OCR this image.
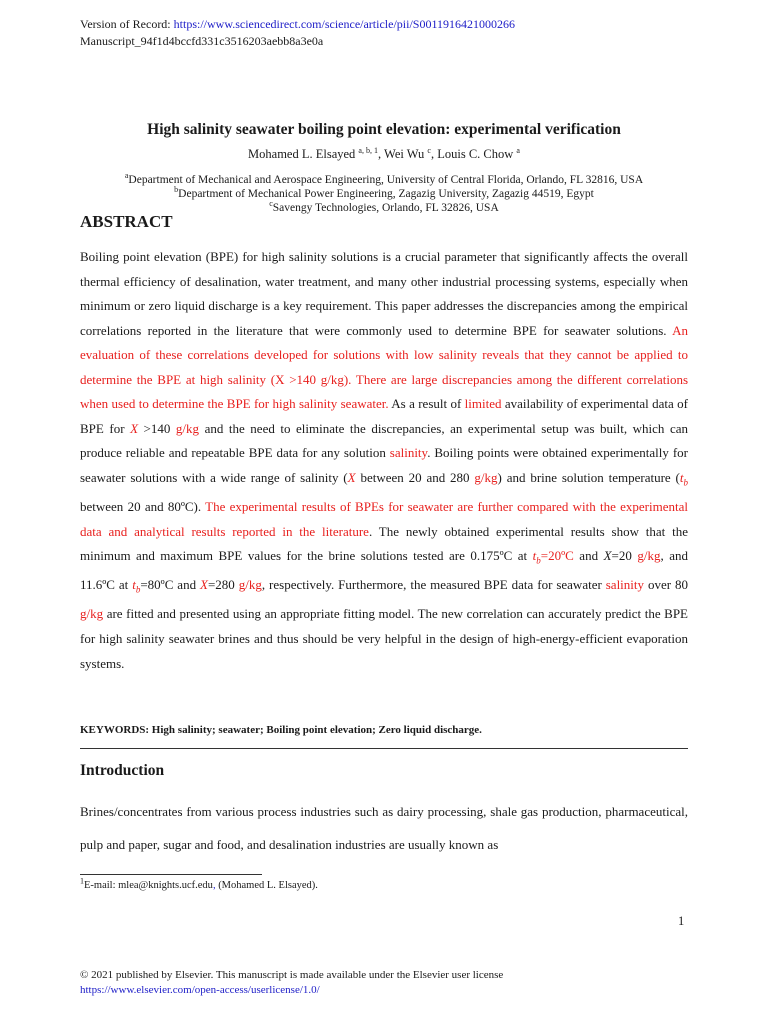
Version of Record: https://www.sciencedirect.com/science/article/pii/S0011916421000266
Manuscript_94f1d4bccfd331c3516203aebb8a3e0a
High salinity seawater boiling point elevation: experimental verification
Mohamed L. Elsayed $^{a, b, 1}$, Wei Wu $^c$, Louis C. Chow $^a$
$^a$Department of Mechanical and Aerospace Engineering, University of Central Florida, Orlando, FL 32816, USA
$^b$Department of Mechanical Power Engineering, Zagazig University, Zagazig 44519, Egypt
$^c$Savengy Technologies, Orlando, FL 32826, USA
ABSTRACT

Boiling point elevation (BPE) for high salinity solutions is a crucial parameter that significantly affects the overall thermal efficiency of desalination, water treatment, and many other industrial processing systems, especially when minimum or zero liquid discharge is a key requirement. This paper addresses the discrepancies among the empirical correlations reported in the literature that were commonly used to determine BPE for seawater solutions. An evaluation of these correlations developed for solutions with low salinity reveals that they cannot be applied to determine the BPE at high salinity (X >140 g/kg). There are large discrepancies among the different correlations when used to determine the BPE for high salinity seawater. As a result of limited availability of experimental data of BPE for X >140 g/kg and the need to eliminate the discrepancies, an experimental setup was built, which can produce reliable and repeatable BPE data for any solution salinity. Boiling points were obtained experimentally for seawater solutions with a wide range of salinity (X between 20 and 280 g/kg) and brine solution temperature ($t_b$ between 20 and 80ºC). The experimental results of BPEs for seawater are further compared with the experimental data and analytical results reported in the literature. The newly obtained experimental results show that the minimum and maximum BPE values for the brine solutions tested are 0.175ºC at $t_b=20ºC$ and X=20 g/kg, and 11.6ºC at $t_b=80ºC$ and X=280 g/kg, respectively. Furthermore, the measured BPE data for seawater salinity over 80 g/kg are fitted and presented using an appropriate fitting model. The new correlation can accurately predict the BPE for high salinity seawater brines and thus should be very helpful in the design of high-energy-efficient evaporation systems.

KEYWORDS: High salinity; seawater; Boiling point elevation; Zero liquid discharge.
Introduction

Brines/concentrates from various process industries such as dairy processing, shale gas production, pharmaceutical, pulp and paper, sugar and food, and desalination industries are usually known as

$^1$E-mail: mlea@knights.ucf.edu, (Mohamed L. Elsayed).
1
© 2021 published by Elsevier. This manuscript is made available under the Elsevier user license
https://www.elsevier.com/open-access/userlicense/1.0/
